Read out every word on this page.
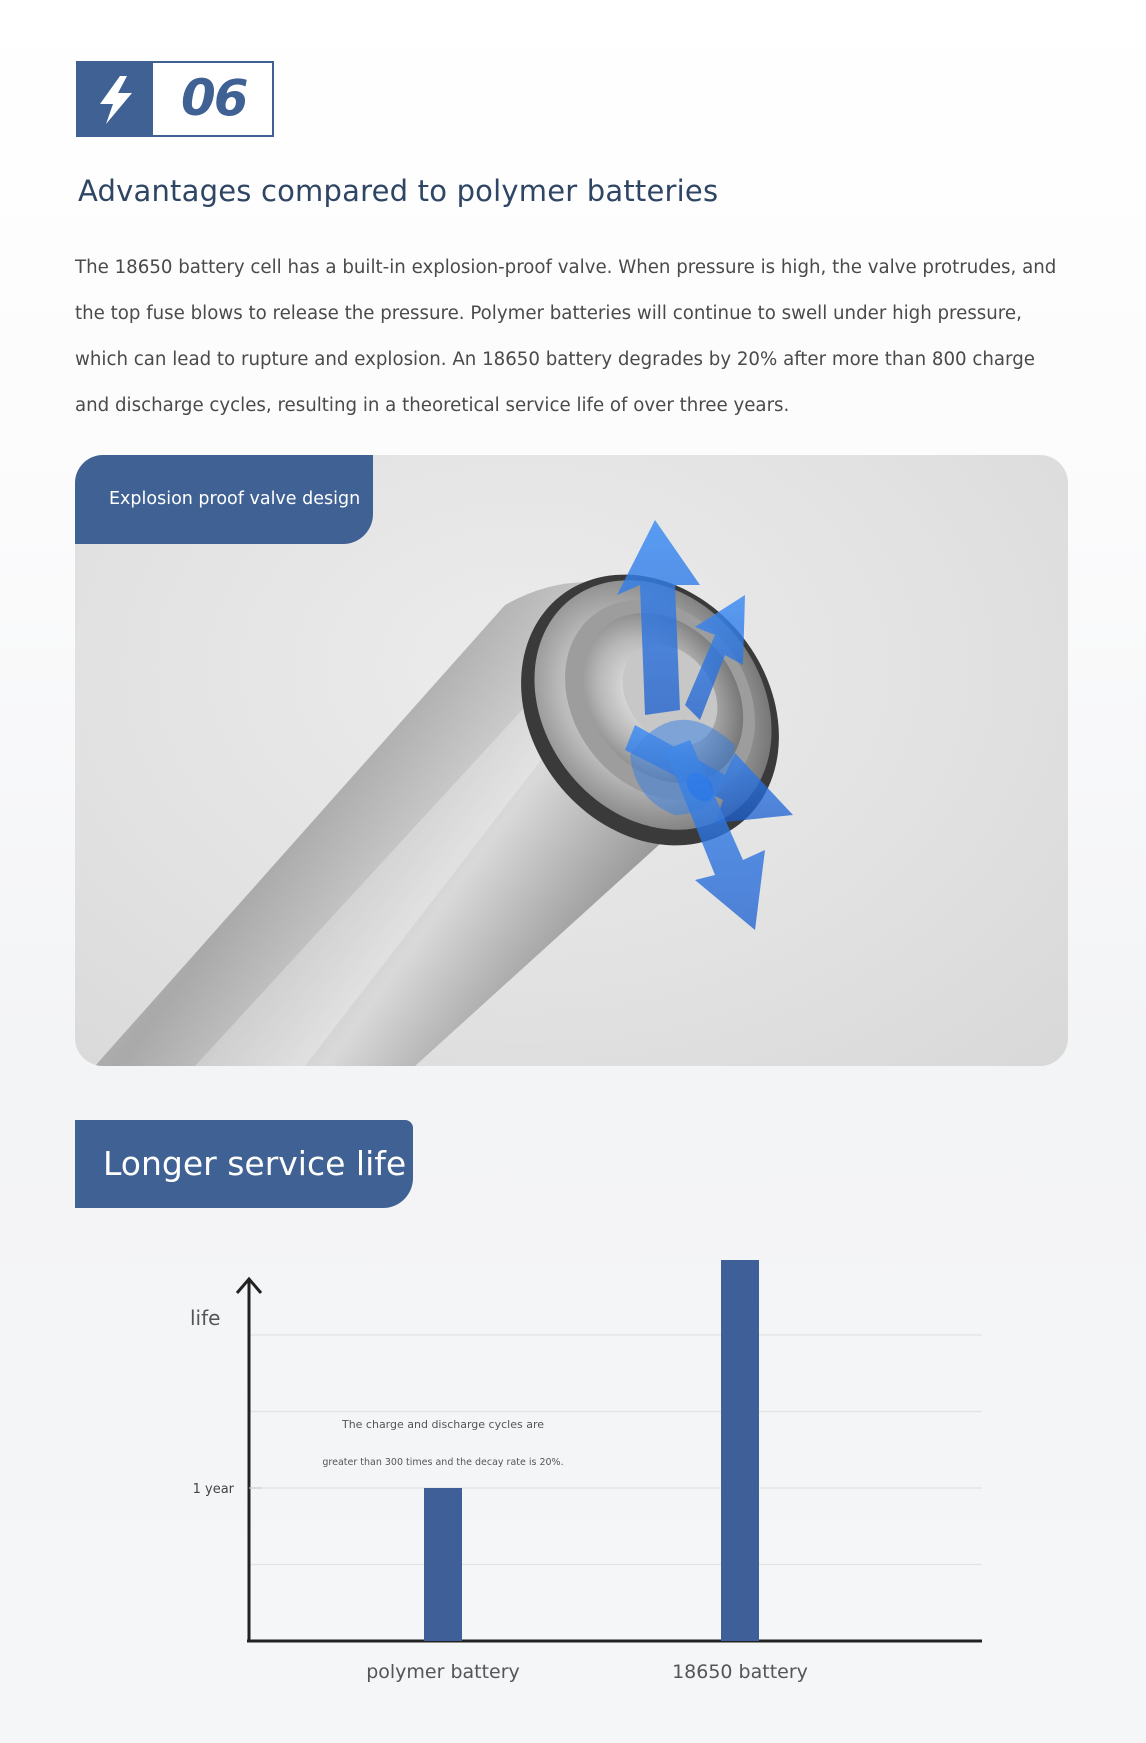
06
Advantages compared to polymer batteries

The 18650 battery cell has a built-in explosion-proof valve. When pressure is high, the valve protrudes, and the top fuse blows to release the pressure. Polymer batteries will continue to swell under high pressure, which can lead to rupture and explosion. An 18650 battery degrades by 20% after more than 800 charge and discharge cycles, resulting in a theoretical service life of over three years.

Explosion proof valve design
Longer service life
life
1 year
The charge and discharge cycles are
greater than 300 times and the decay rate is 20%.
polymer battery	18650 battery
